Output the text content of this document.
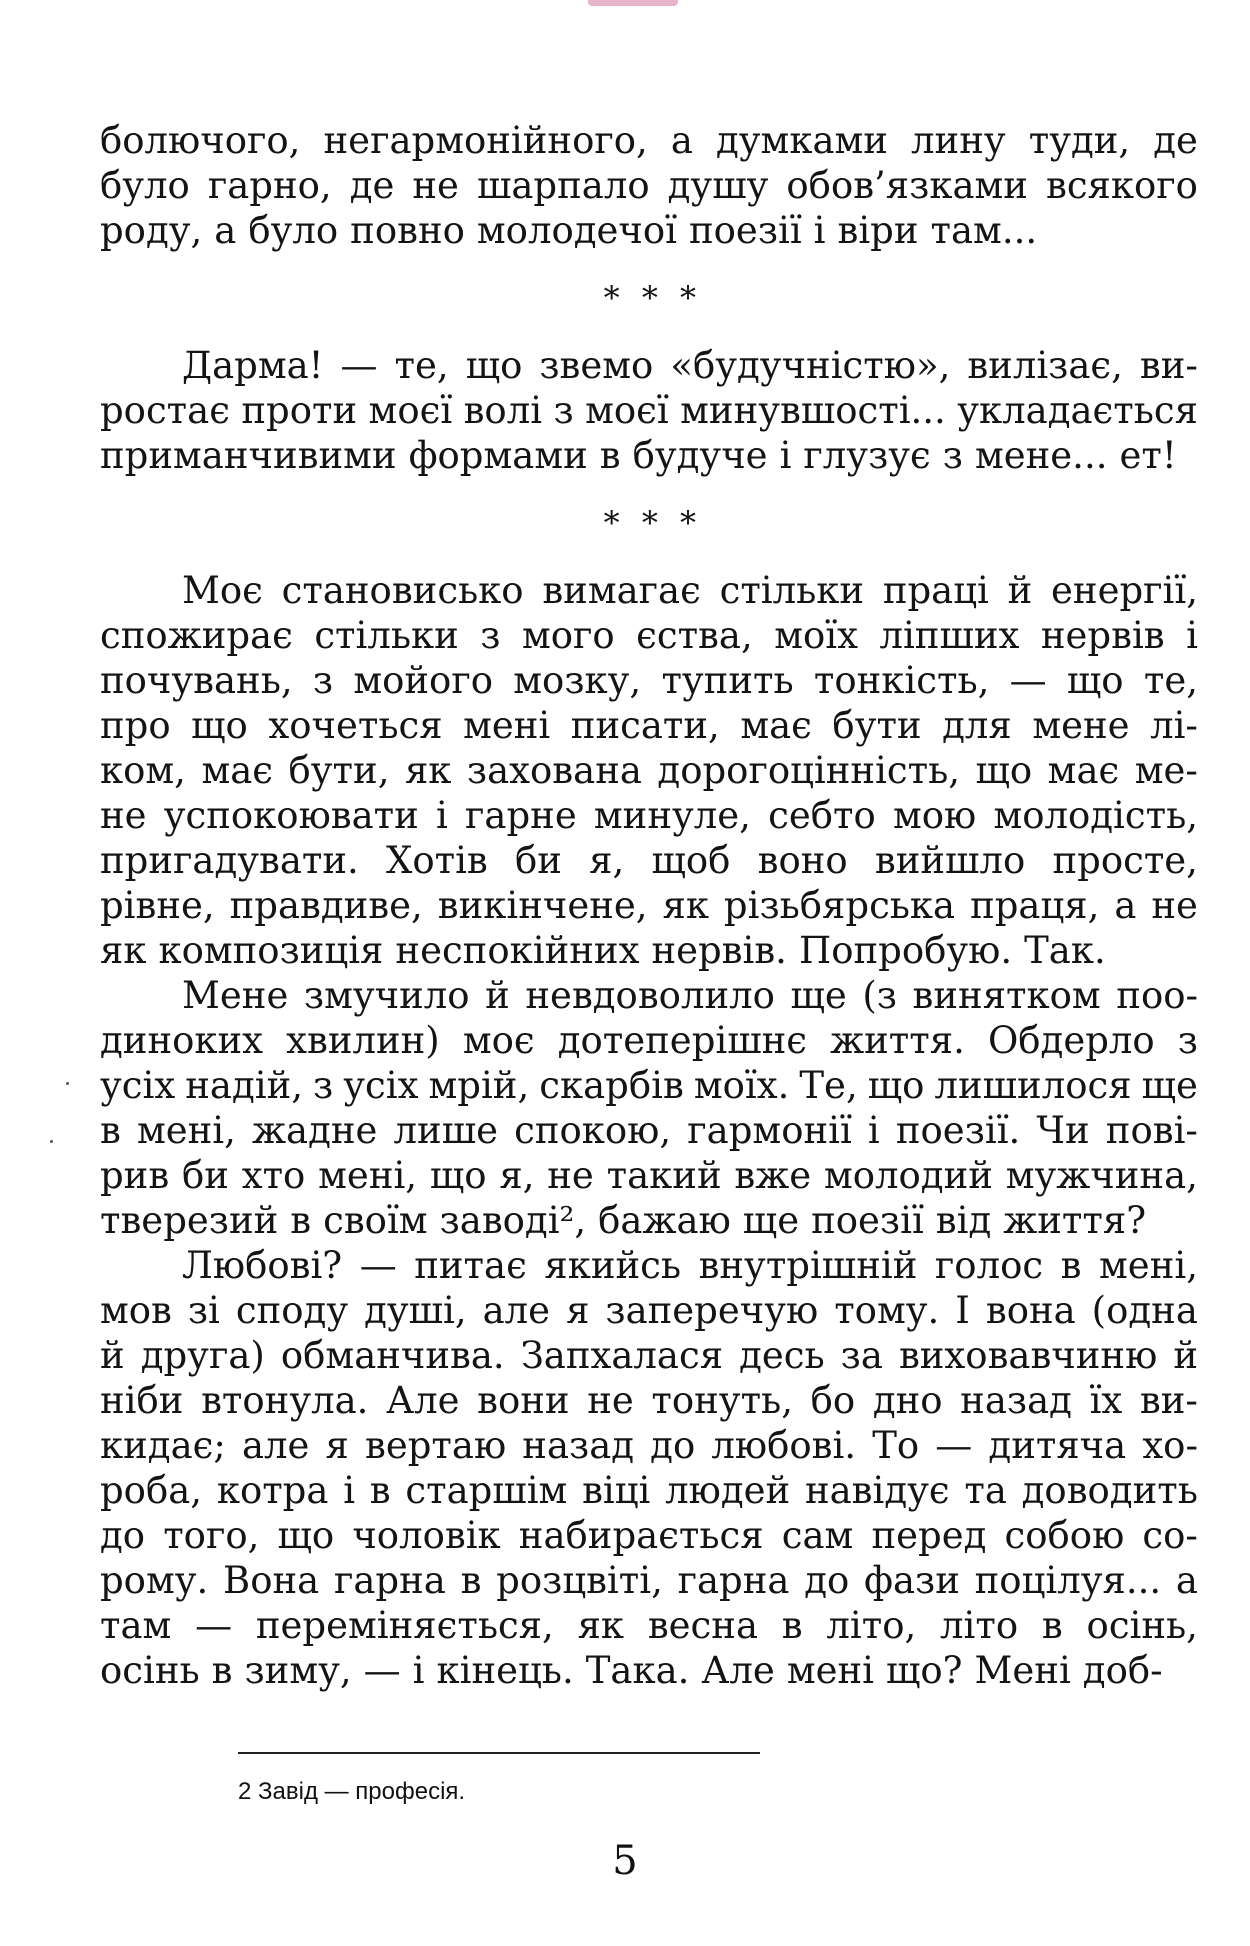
болючого, негармонійного, а думками лину туди, де
було гарно, де не шарпало душу обов’язками всякого
роду, а було повно молодечої поезії і віри там...
* * *
Дарма! — те, що звемо «будучністю», вилізає, ви-
ростає проти моєї волі з моєї минувшості... укладається
приманчивими формами в будуче і глузує з мене... ет!
* * *
Моє становисько вимагає стільки праці й енергії,
спожирає стільки з мого єства, моїх ліпших нервів і
почувань, з мойого мозку, тупить тонкість, — що те,
про що хочеться мені писати, має бути для мене лі-
ком, має бути, як захована дорогоцінність, що має ме-
не успокоювати і гарне минуле, себто мою молодість,
пригадувати. Хотів би я, щоб воно вийшло просте,
рівне, правдиве, викінчене, як різьбярська праця, а не
як композиція неспокійних нервів. Попробую. Так.
Мене змучило й невдоволило ще (з винятком поо-
диноких хвилин) моє дотеперішнє життя. Обдерло з
усіх надій, з усіх мрій, скарбів моїх. Те, що лишилося ще
в мені, жадне лише спокою, гармонії і поезії. Чи пові-
рив би хто мені, що я, не такий вже молодий мужчина,
тверезий в своїм заводі², бажаю ще поезії від життя?
Любові? — питає якийсь внутрішній голос в мені,
мов зі споду душі, але я заперечую тому. І вона (одна
й друга) обманчива. Запхалася десь за виховавчиню й
ніби втонула. Але вони не тонуть, бо дно назад їх ви-
кидає; але я вертаю назад до любові. То — дитяча хо-
роба, котра і в старшім віці людей навідує та доводить
до того, що чоловік набирається сам перед собою со-
рому. Вона гарна в розцвіті, гарна до фази поцілуя... а
там — переміняється, як весна в літо, літо в осінь,
осінь в зиму, — і кінець. Така. Але мені що? Мені доб-
2 Завід — професія.
5
